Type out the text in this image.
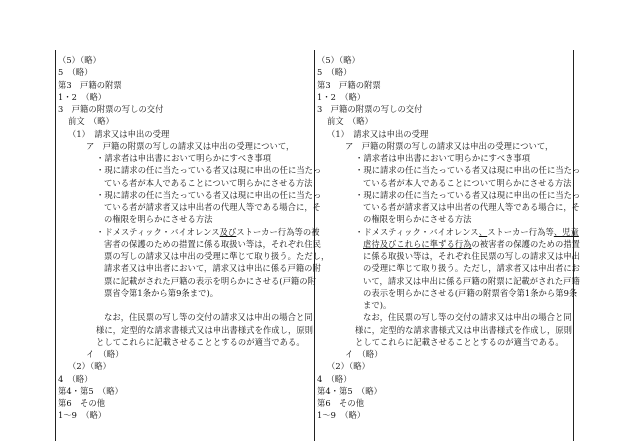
（5）（略）
5　（略）
第3　戸籍の附票
1・2　（略）
3　戸籍の附票の写しの交付
前文　（略）
（1）　請求又は申出の受理
ア　戸籍の附票の写しの請求又は申出の受理について，
・請求者は申出書において明らかにすべき事項
・現に請求の任に当たっている者又は現に申出の任に当たっ
ている者が本人であることについて明らかにさせる方法
・現に請求の任に当たっている者又は現に申出の任に当たっ
ている者が請求者又は申出者の代理人等である場合に，そ
の権限を明らかにさせる方法
・ドメスティック・バイオレンス及びストーカー行為等の被
害者の保護のための措置に係る取扱い等は，それぞれ住民
票の写しの請求又は申出の受理に準じて取り扱う。ただし，
請求者又は申出者において，請求又は申出に係る戸籍の附
票に記載がされた戸籍の表示を明らかにさせる(戸籍の附
票省令第1条から第9条まで)。
なお，住民票の写し等の交付の請求又は申出の場合と同
様に，定型的な請求書様式又は申出書様式を作成し，原則
としてこれらに記載させることとするのが適当である。
イ　（略）
（2）（略）
4　（略）
第4・第5　（略）
第6　その他
1〜9　（略）
（5）（略）
5　（略）
第3　戸籍の附票
1・2　（略）
3　戸籍の附票の写しの交付
前文　（略）
（1）　請求又は申出の受理
ア　戸籍の附票の写しの請求又は申出の受理について，
・請求者は申出書において明らかにすべき事項
・現に請求の任に当たっている者又は現に申出の任に当たっ
ている者が本人であることについて明らかにさせる方法
・現に請求の任に当たっている者又は現に申出の任に当たっ
ている者が請求者又は申出者の代理人等である場合に，そ
の権限を明らかにさせる方法
・ドメスティック・バイオレンス、ストーカー行為等、児童
虐待及びこれらに準ずる行為の被害者の保護のための措置
に係る取扱い等は，それぞれ住民票の写しの請求又は申出
の受理に準じて取り扱う。ただし，請求者又は申出者にお
いて，請求又は申出に係る戸籍の附票に記載がされた戸籍
の表示を明らかにさせる(戸籍の附票省令第1条から第9条
まで)。
なお，住民票の写し等の交付の請求又は申出の場合と同
様に，定型的な請求書様式又は申出書様式を作成し，原則
としてこれらに記載させることとするのが適当である。
イ　（略）
（2）（略）
4　（略）
第4・第5　（略）
第6　その他
1〜9　（略）
